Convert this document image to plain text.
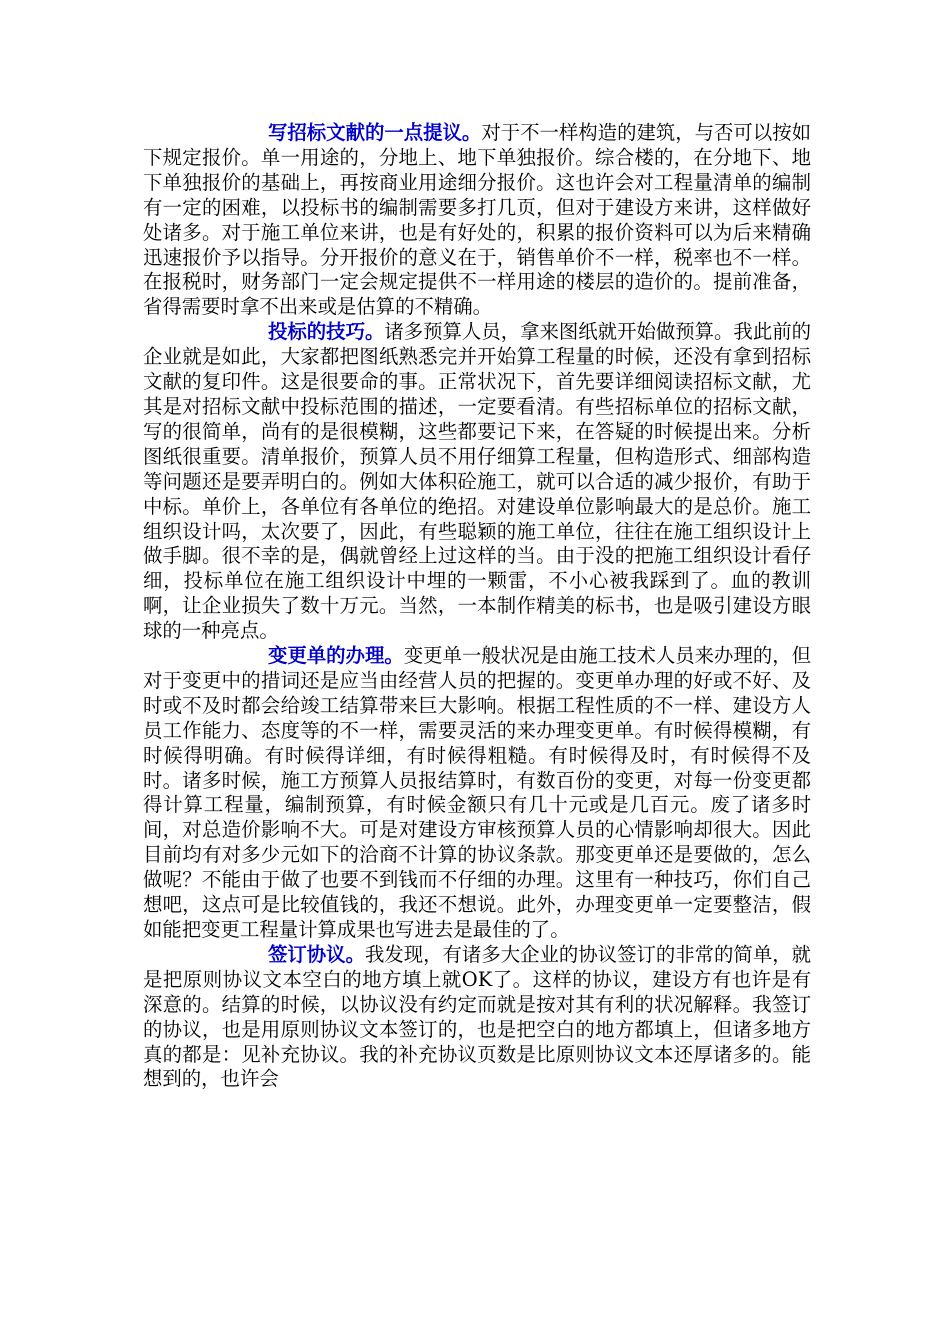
写招标文献的一点提议。对于不一样构造的建筑，与否可以按如下规定报价。单一用途的，分地上、地下单独报价。综合楼的，在分地下、地下单独报价的基础上，再按商业用途细分报价。这也许会对工程量清单的编制有一定的困难，以投标书的编制需要多打几页，但对于建设方来讲，这样做好处诸多。对于施工单位来讲，也是有好处的，积累的报价资料可以为后来精确迅速报价予以指导。分开报价的意义在于，销售单价不一样，税率也不一样。在报税时，财务部门一定会规定提供不一样用途的楼层的造价的。提前准备，省得需要时拿不出来或是估算的不精确。

投标的技巧。诸多预算人员，拿来图纸就开始做预算。我此前的企业就是如此，大家都把图纸熟悉完并开始算工程量的时候，还没有拿到招标文献的复印件。这是很要命的事。正常状况下，首先要详细阅读招标文献，尤其是对招标文献中投标范围的描述，一定要看清。有些招标单位的招标文献，写的很简单，尚有的是很模糊，这些都要记下来，在答疑的时候提出来。分析图纸很重要。清单报价，预算人员不用仔细算工程量，但构造形式、细部构造等问题还是要弄明白的。例如大体积砼施工，就可以合适的减少报价，有助于中标。单价上，各单位有各单位的绝招。对建设单位影响最大的是总价。施工组织设计吗，太次要了，因此，有些聪颖的施工单位，往往在施工组织设计上做手脚。很不幸的是，偶就曾经上过这样的当。由于没的把施工组织设计看仔细，投标单位在施工组织设计中埋的一颗雷，不小心被我踩到了。血的教训啊，让企业损失了数十万元。当然，一本制作精美的标书，也是吸引建设方眼球的一种亮点。

变更单的办理。变更单一般状况是由施工技术人员来办理的，但对于变更中的措词还是应当由经营人员的把握的。变更单办理的好或不好、及时或不及时都会给竣工结算带来巨大影响。根据工程性质的不一样、建设方人员工作能力、态度等的不一样，需要灵活的来办理变更单。有时候得模糊，有时候得明确。有时候得详细，有时候得粗糙。有时候得及时，有时候得不及时。诸多时候，施工方预算人员报结算时，有数百份的变更，对每一份变更都得计算工程量，编制预算，有时候金额只有几十元或是几百元。废了诸多时间，对总造价影响不大。可是对建设方审核预算人员的心情影响却很大。因此目前均有对多少元如下的洽商不计算的协议条款。那变更单还是要做的，怎么做呢？不能由于做了也要不到钱而不仔细的办理。这里有一种技巧，你们自己想吧，这点可是比较值钱的，我还不想说。此外，办理变更单一定要整洁，假如能把变更工程量计算成果也写进去是最佳的了。

签订协议。我发现，有诸多大企业的协议签订的非常的简单，就是把原则协议文本空白的地方填上就OK了。这样的协议，建设方有也许是有深意的。结算的时候，以协议没有约定而就是按对其有利的状况解释。我签订的协议，也是用原则协议文本签订的，也是把空白的地方都填上，但诸多地方真的都是：见补充协议。我的补充协议页数是比原则协议文本还厚诸多的。能想到的，也许会
